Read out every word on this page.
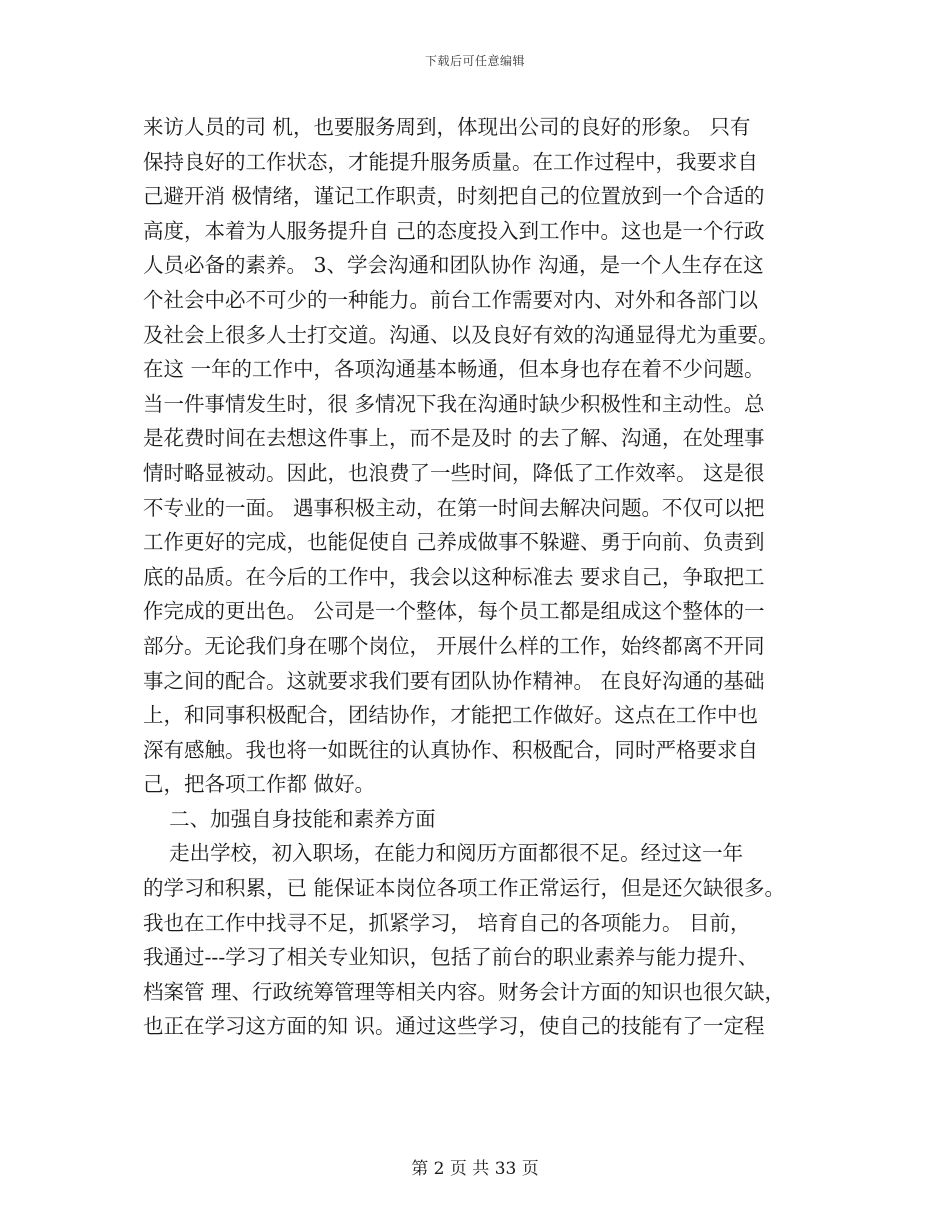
下载后可任意编辑
来访人员的司 机，也要服务周到，体现出公司的良好的形象。 只有
保持良好的工作状态，才能提升服务质量。在工作过程中，我要求自
己避开消 极情绪，谨记工作职责，时刻把自己的位置放到一个合适的
高度，本着为人服务提升自 己的态度投入到工作中。这也是一个行政
人员必备的素养。 3、学会沟通和团队协作 沟通，是一个人生存在这
个社会中必不可少的一种能力。前台工作需要对内、对外和各部门以
及社会上很多人士打交道。沟通、以及良好有效的沟通显得尤为重要。
在这 一年的工作中，各项沟通基本畅通，但本身也存在着不少问题。
当一件事情发生时，很 多情况下我在沟通时缺少积极性和主动性。总
是花费时间在去想这件事上，而不是及时 的去了解、沟通，在处理事
情时略显被动。因此，也浪费了一些时间，降低了工作效率。 这是很
不专业的一面。 遇事积极主动，在第一时间去解决问题。不仅可以把
工作更好的完成，也能促使自 己养成做事不躲避、勇于向前、负责到
底的品质。在今后的工作中，我会以这种标准去 要求自己，争取把工
作完成的更出色。 公司是一个整体，每个员工都是组成这个整体的一
部分。无论我们身在哪个岗位， 开展什么样的工作，始终都离不开同
事之间的配合。这就要求我们要有团队协作精神。 在良好沟通的基础
上，和同事积极配合，团结协作，才能把工作做好。这点在工作中也
深有感触。我也将一如既往的认真协作、积极配合，同时严格要求自
己，把各项工作都 做好。
二、加强自身技能和素养方面
走出学校，初入职场，在能力和阅历方面都很不足。经过这一年
的学习和积累，已 能保证本岗位各项工作正常运行，但是还欠缺很多。
我也在工作中找寻不足，抓紧学习， 培育自己的各项能力。 目前，
我通过---学习了相关专业知识，包括了前台的职业素养与能力提升、
档案管 理、行政统筹管理等相关内容。财务会计方面的知识也很欠缺，
也正在学习这方面的知 识。通过这些学习，使自己的技能有了一定程
第 2 页 共 33 页
